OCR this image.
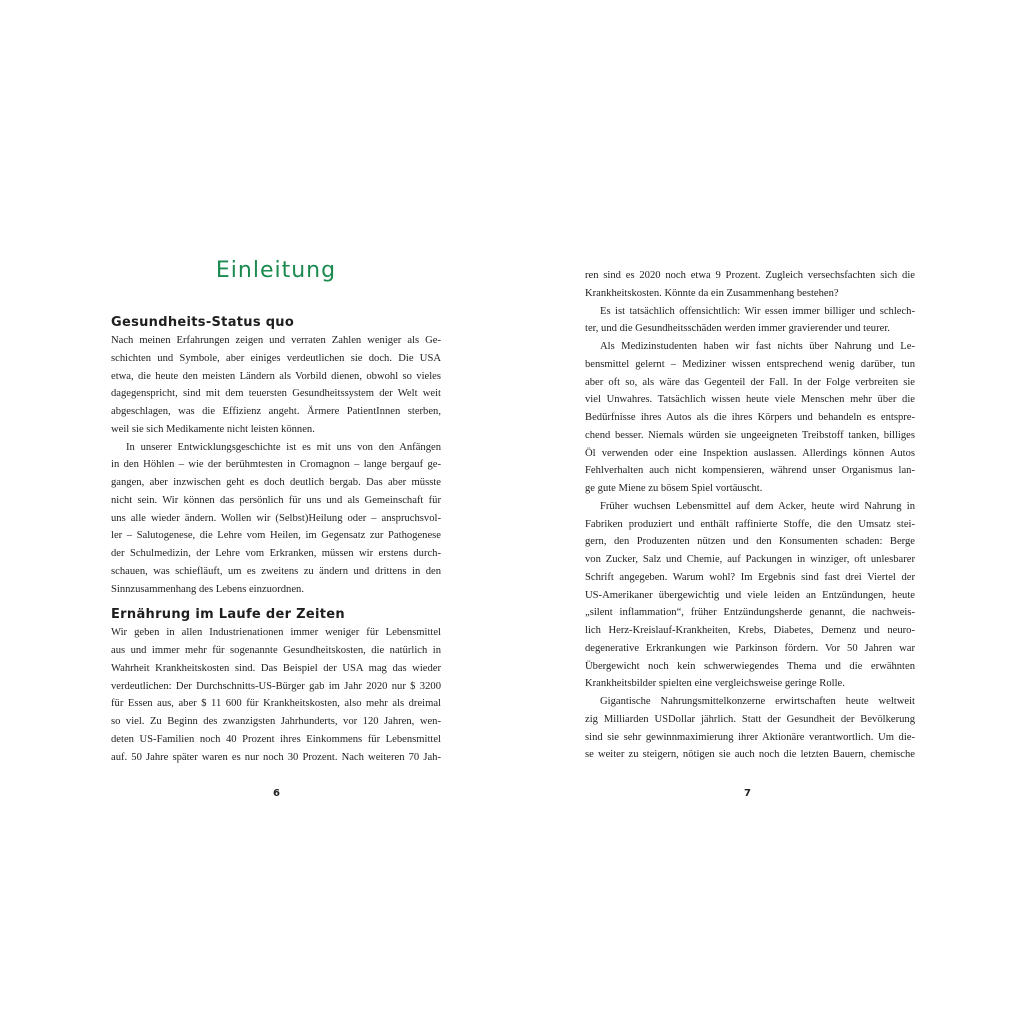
Einleitung
Gesundheits-Status quo
Nach meinen Erfahrungen zeigen und verraten Zahlen weniger als Ge-
schichten und Symbole, aber einiges verdeutlichen sie doch. Die USA
etwa, die heute den meisten Ländern als Vorbild dienen, obwohl so vieles
dagegenspricht, sind mit dem teuersten Gesundheitssystem der Welt weit
abgeschlagen, was die Effizienz angeht. Ärmere PatientInnen sterben,
weil sie sich Medikamente nicht leisten können.
In unserer Entwicklungsgeschichte ist es mit uns von den Anfängen
in den Höhlen – wie der berühmtesten in Cromagnon – lange bergauf ge-
gangen, aber inzwischen geht es doch deutlich bergab. Das aber müsste
nicht sein. Wir können das persönlich für uns und als Gemeinschaft für
uns alle wieder ändern. Wollen wir (Selbst)Heilung oder – anspruchsvol-
ler – Salutogenese, die Lehre vom Heilen, im Gegensatz zur Pathogenese
der Schulmedizin, der Lehre vom Erkranken, müssen wir erstens durch-
schauen, was schiefläuft, um es zweitens zu ändern und drittens in den
Sinnzusammenhang des Lebens einzuordnen.
Ernährung im Laufe der Zeiten
Wir geben in allen Industrienationen immer weniger für Lebensmittel
aus und immer mehr für sogenannte Gesundheitskosten, die natürlich in
Wahrheit Krankheitskosten sind. Das Beispiel der USA mag das wieder
verdeutlichen: Der Durchschnitts-US-Bürger gab im Jahr 2020 nur $ 3200
für Essen aus, aber $ 11 600 für Krankheitskosten, also mehr als dreimal
so viel. Zu Beginn des zwanzigsten Jahrhunderts, vor 120 Jahren, wen-
deten US-Familien noch 40 Prozent ihres Einkommens für Lebensmittel
auf. 50 Jahre später waren es nur noch 30 Prozent. Nach weiteren 70 Jah-
6
ren sind es 2020 noch etwa 9 Prozent. Zugleich versechsfachten sich die
Krankheitskosten. Könnte da ein Zusammenhang bestehen?
Es ist tatsächlich offensichtlich: Wir essen immer billiger und schlech-
ter, und die Gesundheitsschäden werden immer gravierender und teurer.
Als Medizinstudenten haben wir fast nichts über Nahrung und Le-
bensmittel gelernt – Mediziner wissen entsprechend wenig darüber, tun
aber oft so, als wäre das Gegenteil der Fall. In der Folge verbreiten sie
viel Unwahres. Tatsächlich wissen heute viele Menschen mehr über die
Bedürfnisse ihres Autos als die ihres Körpers und behandeln es entspre-
chend besser. Niemals würden sie ungeeigneten Treibstoff tanken, billiges
Öl verwenden oder eine Inspektion auslassen. Allerdings können Autos
Fehlverhalten auch nicht kompensieren, während unser Organismus lan-
ge gute Miene zu bösem Spiel vortäuscht.
Früher wuchsen Lebensmittel auf dem Acker, heute wird Nahrung in
Fabriken produziert und enthält raffinierte Stoffe, die den Umsatz stei-
gern, den Produzenten nützen und den Konsumenten schaden: Berge
von Zucker, Salz und Chemie, auf Packungen in winziger, oft unlesbarer
Schrift angegeben. Warum wohl? Im Ergebnis sind fast drei Viertel der
US-Amerikaner übergewichtig und viele leiden an Entzündungen, heute
„silent inflammation“, früher Entzündungsherde genannt, die nachweis-
lich Herz-Kreislauf-Krankheiten, Krebs, Diabetes, Demenz und neuro-
degenerative Erkrankungen wie Parkinson fördern. Vor 50 Jahren war
Übergewicht noch kein schwerwiegendes Thema und die erwähnten
Krankheitsbilder spielten eine vergleichsweise geringe Rolle.
Gigantische Nahrungsmittelkonzerne erwirtschaften heute weltweit
zig Milliarden USDollar jährlich. Statt der Gesundheit der Bevölkerung
sind sie sehr gewinnmaximierung ihrer Aktionäre verantwortlich. Um die-
se weiter zu steigern, nötigen sie auch noch die letzten Bauern, chemische
7
